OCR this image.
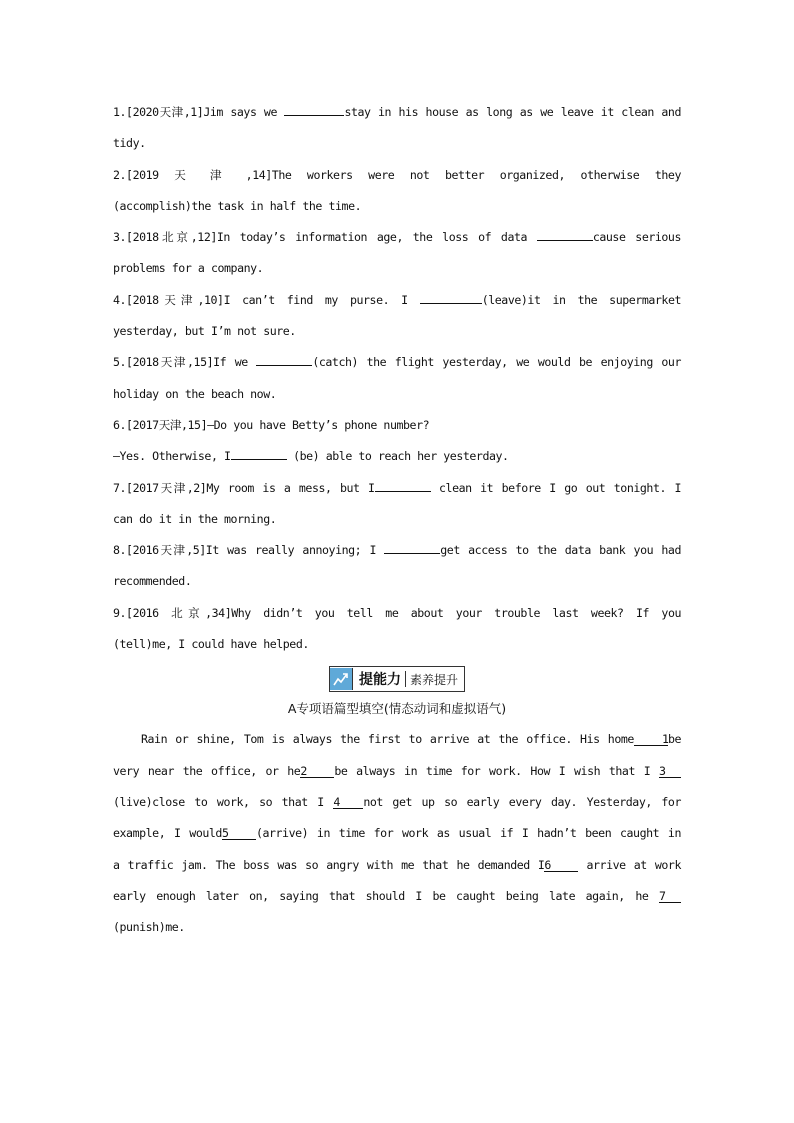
1.[2020天津,1]Jim says we	stay in his house as long as we leave it clean and
tidy.
2.[2019 天 津 ,14]The workers were not better organized, otherwise they
(accomplish)the task in half the time.
3.[2018北京,12]In today’s information age, the loss of data	cause serious
problems for a company.
4.[2018天津,10]I can’t find my purse. I	(leave)it in the supermarket
yesterday, but I’m not sure.
5.[2018天津,15]If we	(catch) the flight yesterday, we would be enjoying our
holiday on the beach now.
6.[2017天津,15]—Do you have Betty’s phone number?
—Yes. Otherwise, I	(be) able to reach her yesterday.
7.[2017天津,2]My room is a mess, but I	clean it before I go out tonight. I
can do it in the morning.
8.[2016天津,5]It was really annoying; I	get access to the data bank you had
recommended.
9.[2016 北京,34]Why didn’t you tell me about your trouble last week? If you
(tell)me, I could have helped.
提能力 素养提升
A专项语篇型填空(情态动词和虚拟语气)
Rain or shine, Tom is always the first to arrive at the office. His home 1be
very near the office, or he2 be always in time for work. How I wish that I 3
(live)close to work, so that I 4 not get up so early every day. Yesterday, for
example, I would5 (arrive) in time for work as usual if I hadn’t been caught in
a traffic jam. The boss was so angry with me that he demanded I6 arrive at work
early enough later on, saying that should I be caught being late again, he 7
(punish)me.
